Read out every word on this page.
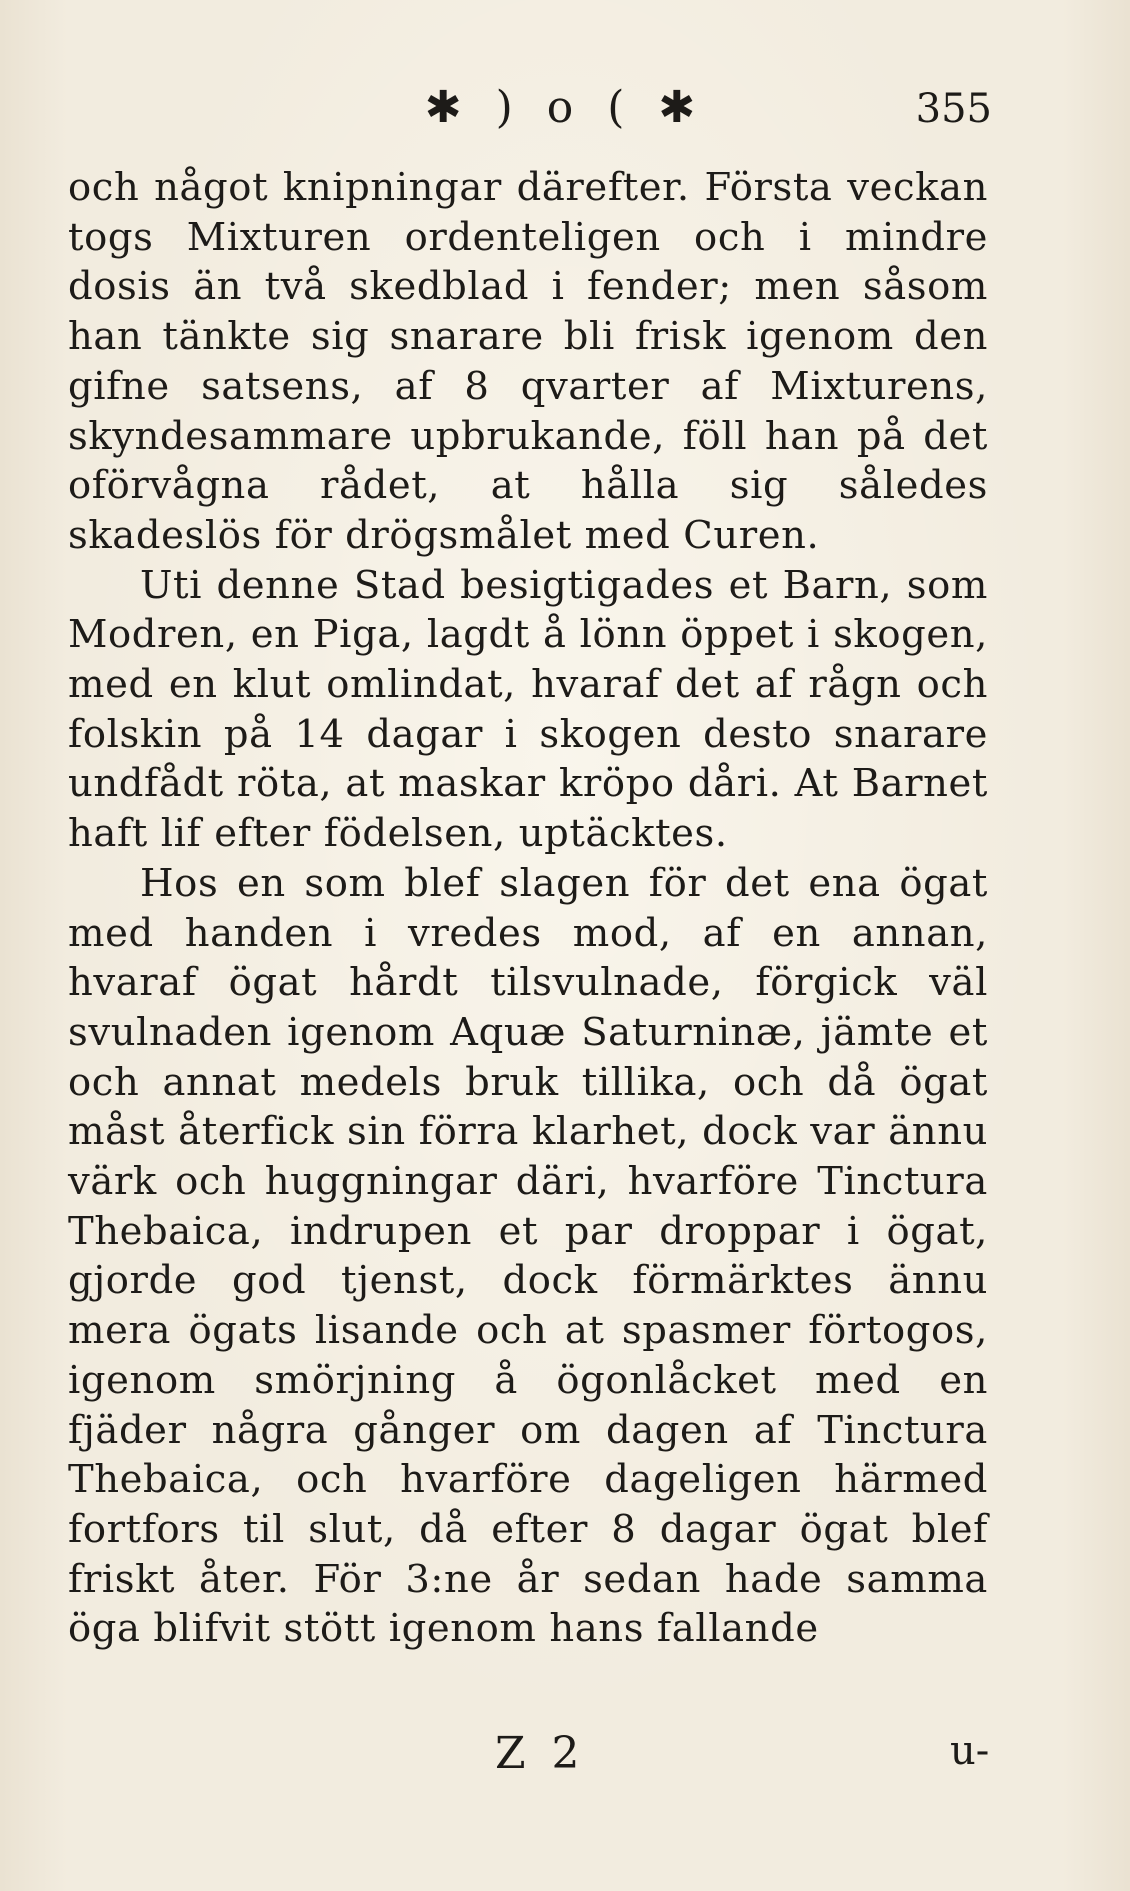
✱ ) o ( ✱	355

och något knipningar därefter. Första veckan togs Mixturen ordenteligen och i mindre dosis än två skedblad i fender; men såsom han tänkte sig snarare bli frisk igenom den gifne satsens, af 8 qvarter af Mixturens, skyndesammare upbrukande, föll han på det oförvågna rådet, at hålla sig således skadeslös för drögsmålet med Curen.

Uti denne Stad besigtigades et Barn, som Modren, en Piga, lagdt å lönn öppet i skogen, med en klut omlindat, hvaraf det af rågn och folskin på 14 dagar i skogen desto snarare undfådt röta, at maskar kröpo dåri. At Barnet haft lif efter födelsen, uptäcktes.

Hos en som blef slagen för det ena ögat med handen i vredes mod, af en annan, hvaraf ögat hårdt tilsvulnade, förgick väl svulnaden igenom Aquæ Saturninæ, jämte et och annat medels bruk tillika, och då ögat måst återfick sin förra klarhet, dock var ännu värk och huggningar däri, hvarföre Tinctura Thebaica, indrupen et par droppar i ögat, gjorde god tjenst, dock förmärktes ännu mera ögats lisande och at spasmer förtogos, igenom smörjning å ögonlåcket med en fjäder några gånger om dagen af Tinctura Thebaica, och hvarföre dageligen härmed fortfors til slut, då efter 8 dagar ögat blef friskt åter. För 3:ne år sedan hade samma öga blifvit stött igenom hans fallande

Z 2	u-
